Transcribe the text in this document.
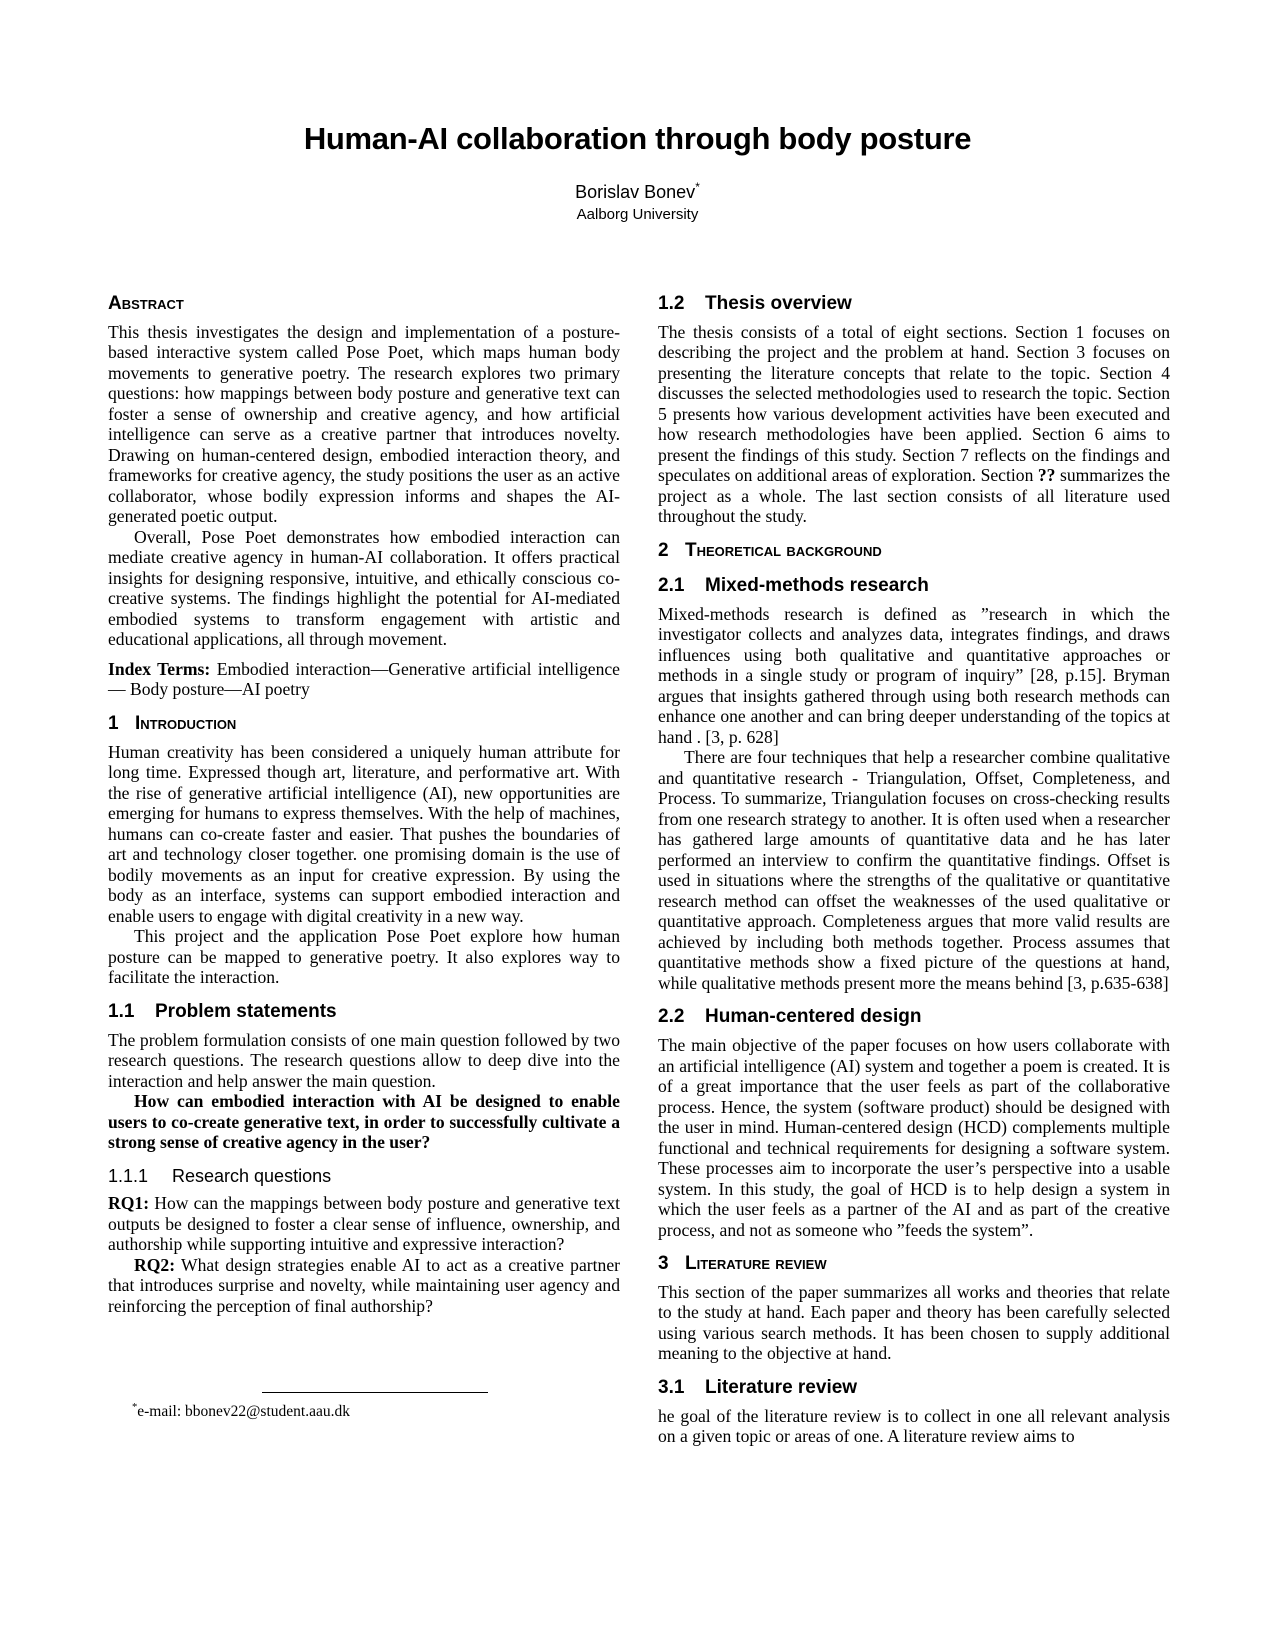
Human-AI collaboration through body posture
Borislav Bonev*
Aalborg University
Abstract

This thesis investigates the design and implementation of a posture-based interactive system called Pose Poet, which maps human body movements to generative poetry. The research explores two primary questions: how mappings between body posture and generative text can foster a sense of ownership and creative agency, and how artificial intelligence can serve as a creative partner that introduces novelty. Drawing on human-centered design, embodied interaction theory, and frameworks for creative agency, the study positions the user as an active collaborator, whose bodily expression informs and shapes the AI-generated poetic output.

Overall, Pose Poet demonstrates how embodied interaction can mediate creative agency in human-AI collaboration. It offers practical insights for designing responsive, intuitive, and ethically conscious co-creative systems. The findings highlight the potential for AI-mediated embodied systems to transform engagement with artistic and educational applications, all through movement.

Index Terms: Embodied interaction—Generative artificial intelligence— Body posture—AI poetry

1 Introduction

Human creativity has been considered a uniquely human attribute for long time. Expressed though art, literature, and performative art. With the rise of generative artificial intelligence (AI), new opportunities are emerging for humans to express themselves. With the help of machines, humans can co-create faster and easier. That pushes the boundaries of art and technology closer together. one promising domain is the use of bodily movements as an input for creative expression. By using the body as an interface, systems can support embodied interaction and enable users to engage with digital creativity in a new way.

This project and the application Pose Poet explore how human posture can be mapped to generative poetry. It also explores way to facilitate the interaction.

1.1	Problem statements

The problem formulation consists of one main question followed by two research questions. The research questions allow to deep dive into the interaction and help answer the main question.

How can embodied interaction with AI be designed to enable users to co-create generative text, in order to successfully cultivate a strong sense of creative agency in the user?

1.1.1	Research questions

RQ1: How can the mappings between body posture and generative text outputs be designed to foster a clear sense of influence, ownership, and authorship while supporting intuitive and expressive interaction?

RQ2: What design strategies enable AI to act as a creative partner that introduces surprise and novelty, while maintaining user agency and reinforcing the perception of final authorship?

1.2	Thesis overview

The thesis consists of a total of eight sections. Section 1 focuses on describing the project and the problem at hand. Section 3 focuses on presenting the literature concepts that relate to the topic. Section 4 discusses the selected methodologies used to research the topic. Section 5 presents how various development activities have been executed and how research methodologies have been applied. Section 6 aims to present the findings of this study. Section 7 reflects on the findings and speculates on additional areas of exploration. Section ?? summarizes the project as a whole. The last section consists of all literature used throughout the study.

2 Theoretical background
2.1	Mixed-methods research

Mixed-methods research is defined as ”research in which the investigator collects and analyzes data, integrates findings, and draws influences using both qualitative and quantitative approaches or methods in a single study or program of inquiry” [28, p.15]. Bryman argues that insights gathered through using both research methods can enhance one another and can bring deeper understanding of the topics at hand . [3, p. 628]

There are four techniques that help a researcher combine qualitative and quantitative research - Triangulation, Offset, Completeness, and Process. To summarize, Triangulation focuses on cross-checking results from one research strategy to another. It is often used when a researcher has gathered large amounts of quantitative data and he has later performed an interview to confirm the quantitative findings. Offset is used in situations where the strengths of the qualitative or quantitative research method can offset the weaknesses of the used qualitative or quantitative approach. Completeness argues that more valid results are achieved by including both methods together. Process assumes that quantitative methods show a fixed picture of the questions at hand, while qualitative methods present more the means behind [3, p.635-638]

2.2	Human-centered design

The main objective of the paper focuses on how users collaborate with an artificial intelligence (AI) system and together a poem is created. It is of a great importance that the user feels as part of the collaborative process. Hence, the system (software product) should be designed with the user in mind. Human-centered design (HCD) complements multiple functional and technical requirements for designing a software system. These processes aim to incorporate the user’s perspective into a usable system. In this study, the goal of HCD is to help design a system in which the user feels as a partner of the AI and as part of the creative process, and not as someone who ”feeds the system”.

3 Literature review

This section of the paper summarizes all works and theories that relate to the study at hand. Each paper and theory has been carefully selected using various search methods. It has been chosen to supply additional meaning to the objective at hand.

3.1	Literature review

he goal of the literature review is to collect in one all relevant analysis on a given topic or areas of one. A literature review aims to

*e-mail: bbonev22@student.aau.dk
